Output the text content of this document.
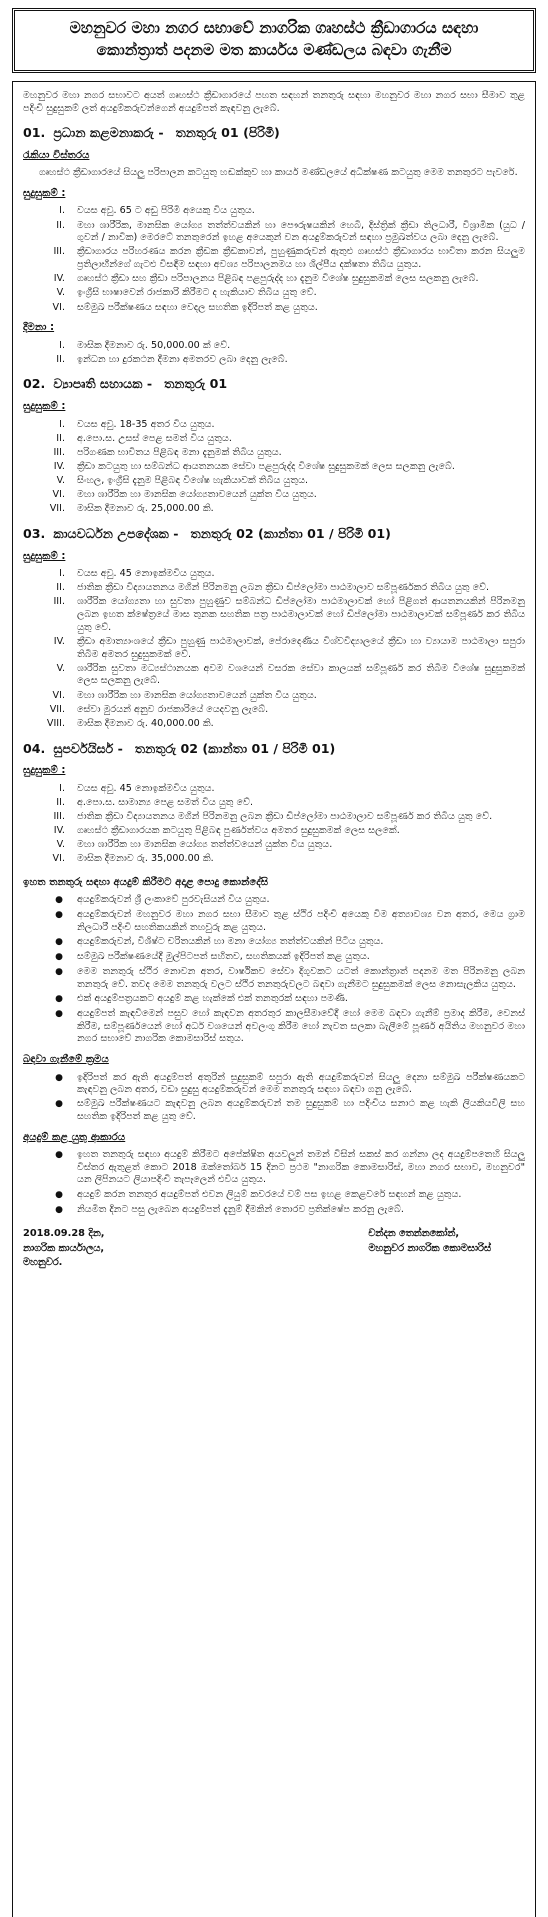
මහනුවර මහා නගර සභාවේ නාගරික ගෘහස්ථ ක්‍රීඩාගාරය සඳහා
කොන්ත්‍රාත් පදනම මත කාර්යය මණ්ඩලය බඳවා ගැනීම

මහනුවර මහා නගර සභාවට අයත් ගෘහස්ථ ක්‍රීඩාගාරයේ පහත සඳහන් තනතුරු සඳහා මහනුවර මහා නගර සභා සීමාව තුළ පදිංචි සුදුසුකම් ලත් අයදුම්කරුවන්ගෙන් අයදුම්පත් කැඳවනු ලැබේ.

01. ප්‍රධාන කළමනාකරු - තනතුරු 01 (පිරිමි)
රැකියා විස්තරය

ගෘහස්ථ ක්‍රීඩාගාරයේ සියලු පරිපාලන කටයුතු හඬක්කුව හා කාර්ය මණ්ඩලයේ අධීක්ෂණ කටයුතු මෙම තනතුරට පැවරේ.

සුදුසුකම් :
I.	වයස අවු. 65 ට අඩු පිරිමි අයෙකු විය යුතුය.
II.	මහා ශාරීරික, මානසික යෝග්‍ය තත්ත්වයකින් හා පෞරුෂයකින් හෙබි, දිස්ත්‍රික් ක්‍රීඩා තිලධාරී, විශ්‍රාමික (යුධ / ගුවන් / නාවික) මෙරටේ තනතුරෙන් ඉහළ අයෙකුන් වන අයදුම්කරුවන් සඳහා ප්‍රමුඛත්වය ලබා දෙනු ලැබේ.
III.	ක්‍රීඩාගාරය පරිහරණය කරන ක්‍රීඩක ක්‍රීඩකාවන්, පුහුණුකරුවන් ඇතුළු ගෘහස්ථ ක්‍රීඩාගාරය භාවිතා කරන සියලුම ප්‍රතිලාභීන්ගේ ගැටළු විසඳීම සඳහා අවශ්‍ය පරිපාලනමය හා ශිල්පීය දක්ෂතා තිබිය යුතුය.
IV.	ගෘහස්ථ ක්‍රීඩා සහ ක්‍රීඩා පරිපාලනය පිළිබඳ පළපුරුද්ද හා දැනුම විශේෂ සුදුසුකමක් ලෙස සලකනු ලැබේ.
V.	ඉංග්‍රීසි භාෂාවෙන් රාජකාරි කිරීමට ද හැකියාව තිබිය යුතු වේ.
VI.	සම්මුඛ පරීක්ෂණය සඳහා වෙදල සහතික ඉදිරිපත් කළ යුතුය.
දීමනා :
I.	මාසික දීමනාව රු. 50,000.00 ක් වේ.
II.	ඉන්ධන හා දුරකථන දීමනා අමතරව ලබා දෙනු ලැබේ.
02. ව්‍යාපෘති සහායක - තනතුරු 01
සුදුසුකම් :
I.	වයස අවු. 18-35 අතර විය යුතුය.
II.	අ.පො.ස. උසස් පෙළ සමත් විය යුතුය.
III.	පරිගණක භාවිතය පිළිබඳ මනා දැනුමක් තිබිය යුතුය.
IV.	ක්‍රීඩා කටයුතු හා සම්බන්ධ ආයතනයක සේවා පළපුරුද්ද විශේෂ සුදුසුකමක් ලෙස සලකනු ලැබේ.
V.	සිංහල, ඉංග්‍රීසි දැනුම පිළිබඳ විශේෂ හැකියාවක් තිබිය යුතුය.
VI.	මහා ශාරීරික හා මානසික යෝග්‍යතාවයෙන් යුක්ත විය යුතුය.
VII.	මාසික දීමනාව රු. 25,000.00 කි.
03. කායවර්ධන උපදේශක - තනතුරු 02 (කාන්තා 01 / පිරිමි 01)
සුදුසුකම් :
I.	වයස අවු. 45 නොඉක්මවිය යුතුය.
II.	ජාතික ක්‍රීඩා විද්‍යායතනය මගින් පිරිනමනු ලබන ක්‍රීඩා ඩිප්ලෝමා පාඨමාලාව සම්පූර්ණකර තිබිය යුතු වේ.
III.	ශාරීරික යෝග්‍යතා හා සුවතා පුහුණුව සම්බන්ධ ඩිප්ලෝමා පාඨමාලාවක් හෝ පිළිගත් ආයතනයකින් පිරිනමනු ලබන ඉහත ක්ෂේත්‍රයේ මාස තුනක සහතික පත්‍ර පාඨමාලාවක් හෝ ඩිප්ලෝමා පාඨමාලාවක් සම්පූර්ණ කර තිබිය යුතු වේ.
IV.	ක්‍රීඩා අමාත්‍යාංශයේ ක්‍රීඩා පුහුණු පාඨමාලාවක්, පේරාදෙණිය විශ්වවිද්‍යාලයේ ක්‍රීඩා හා ව්‍යායාම පාඨමාලා සපුරා තිබීම අමතර සුදුසුකමක් වේ.
V.	ශාරීරික සුවතා මධ්‍යස්ථානයක අවම වශයෙන් වසරක සේවා කාලයක් සම්පූර්ණ කර තිබීම විශේෂ සුදුසුකමක් ලෙස සලකනු ලැබේ.
VI.	මහා ශාරීරික හා මානසික යෝග්‍යතාවයෙන් යුක්ත විය යුතුය.
VII.	සේවා මුරයන් අනුව රාජකාරියේ යෙදවනු ලැබේ.
VIII.	මාසික දීමනාව රු. 40,000.00 කි.
04. සුපර්වයිසර් - තනතුරු 02 (කාන්තා 01 / පිරිමි 01)
සුදුසුකම් :
I.	වයස අවු. 45 නොඉක්මවිය යුතුය.
II.	අ.පො.ස. සාමාන්‍ය පෙළ සමත් විය යුතු වේ.
III.	ජාතික ක්‍රීඩා විද්‍යායතනය මගින් පිරිනමනු ලබන ක්‍රීඩා ඩිප්ලෝමා පාඨමාලාව සම්පූර්ණ කර තිබිය යුතු වේ.
IV.	ගෘහස්ථ ක්‍රීඩාගාරයක කටයුතු පිළිබඳ පුර්ණත්වය අමතර සුදුසුකමක් ලෙස සලකේ.
V.	මහා ශාරීරික හා මානසික යෝග්‍ය තත්ත්වයෙන් යුක්ත විය යුතුය.
VI.	මාසික දීමනාව රු. 35,000.00 කි.
ඉහත තනතුරු සඳහා අයදුම් කිරීමට අදාළ පොදු කොන්දේසි
●	අයදුම්කරුවන් ශ්‍රී ලංකාවේ පුරවැසියන් විය යුතුය.
●	අයදුම්කරුවන් මහනුවර මහා නගර සභා සීමාව තුළ ස්ථිර පදිංචි අයෙකු විම අත්‍යාවශ්‍ය වන අතර, මෙය ග්‍රාම නිලධාරී පදිංචි සහතිකයකින් තහවුරු කළ යුතුය.
●	අයදුම්කරුවන්, විශිෂ්ට චරිතයකින් හා මනා යෝග්‍ය තත්ත්වයකින් පිටිය යුතුය.
●	සම්මුඛ පරීක්ෂණයේදී මුල්පිටපත් සහිතව, සහතිකයක් ඉදිරිපත් කළ යුතුය.
●	මෙම තනතුරු ස්ථිර නොවන අතර, වාර්ෂිකව සේවා දිගුවකට යටත් කොන්ත්‍රාත් පදනම මත පිරිනමනු ලබන තනතුරු වේ. තවද මෙම තනතුරු වලට ස්ථිර තනතුරුවලට බඳවා ගැනීමට සුදුසුකමක් ලෙස නොසැලකිය යුතුය.
●	එක් අයදුම්පත්‍රයකට අයදුම් කළ හැක්කේ එක් තනතුරක් සඳහා පමණි.
●	අයදුම්පත් කැඳවීමෙන් පසුව හෝ කැඳවන අතරතුර කාලසීමාවේදී හෝ මෙම බඳවා ගැනීම් ප්‍රමාද කිරීම, වෙනස් කිරීම, සම්පූර්ණයෙන් හෝ අර්ධ වශයෙන් අවලංගු කිරීම හෝ නැවත සලකා බැලීමේ පූර්ණ අයිතිය මහනුවර මහා නගර සභාවේ නාගරික කොමසාරිස් සතුය.
බඳවා ගැනීමේ ක්‍රමය
●	ඉදිරිපත් කර ඇති අයදුම්පත් අතුරින් සුදුසුකම් සපුරා ඇති අයදුම්කරුවන් සියලු දෙනා සම්මුඛ පරීක්ෂණයකට කැඳවනු ලබන අතර, වඩා සුදුසු අයදුම්කරුවන් මෙම තනතුරු සඳහා බඳවා ගනු ලැබේ.
●	සම්මුඛ පරීක්ෂණයට කැඳවනු ලබන අයදුම්කරුවන් තම සුදුසුකම් හා පදිංචිය සනාථ කළ හැකි ලියකියවිලි සහ සහතික ඉදිරිපත් කළ යුතු වේ.
අයදුම් කළ යුතු ආකාරය
●	ඉහත තනතුරු සඳහා අයදුම් කිරීමට අපේක්ෂිත අයවලුන් තමන් විසින් සකස් කර ගන්නා ලද අයදුම්පතෙහි සියලු විස්තර ඇතුළත් කොට 2018 ඔක්තෝබර් 15 දිනට ප්‍රථම "නාගරික කොමසාරිස්, මහා නගර සභාව, මහනුවර" යන ලිපිනයට ලියාපදිංචි තැපෑලෙන් එවිය යුතුය.
●	අයදුම් කරන තනතුර අයදුම්පත් එවන ලියුම් කවරයේ වම් පස ඉහළ කෙළවරේ සඳහන් කළ යුතුය.
●	නියමිත දිනට පසු ලැබෙන අයදුම්පත් දැනුම් දීමකින් තොරව ප්‍රතික්ෂේප කරනු ලැබේ.
2018.09.28 දින,
නාගරික කාර්යාලය,
මහනුවර.
චන්දන තෙන්නකෝන්,
මහනුවර නාගරික කොමසාරිස්
